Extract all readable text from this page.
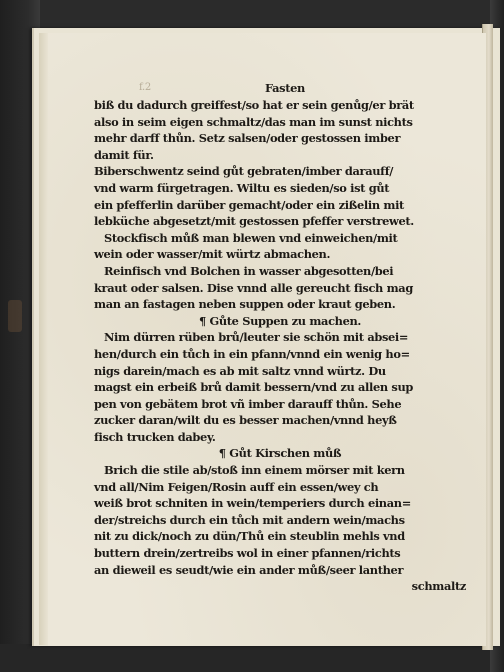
f.2	Fasten
biß du dadurch greiffest/so hat er sein genůg/er brät
also in seim eigen schmaltz/das man im sunst nichts
mehr darff thůn. Setz salsen/oder gestossen imber
damit für.
Biberschwentz seind gůt gebraten/imber darauff/
vnd warm fürgetragen. Wiltu es sieden/so ist gůt
ein pfefferlin darüber gemacht/oder ein zißelin mit
lebküche abgesetzt/mit gestossen pfeffer verstrewet.
Stockfisch můß man blewen vnd einweichen/mit
wein oder wasser/mit würtz abmachen.
Reinfisch vnd Bolchen in wasser abgesotten/bei
kraut oder salsen. Dise vnnd alle gereucht fisch mag
man an fastagen neben suppen oder kraut geben.
¶ Gůte Suppen zu machen.
Nim dürren rüben brů/leuter sie schön mit absei=
hen/durch ein tůch in ein pfann/vnnd ein wenig ho=
nigs darein/mach es ab mit saltz vnnd würtz. Du
magst ein erbeiß brů damit bessern/vnd zu allen sup
pen von gebätem brot vñ imber darauff thůn. Sehe
zucker daran/wilt du es besser machen/vnnd heyß
fisch trucken dabey.
¶ Gůt Kirschen můß
Brich die stile ab/stoß inn einem mörser mit kern
vnd all/Nim Feigen/Rosin auff ein essen/wey ch
weiß brot schniten in wein/temperiers durch einan=
der/streichs durch ein tůch mit andern wein/machs
nit zu dick/noch zu dün/Thů ein steublin mehls vnd
buttern drein/zertreibs wol in einer pfannen/richts
an dieweil es seudt/wie ein ander můß/seer lanther
schmaltz
